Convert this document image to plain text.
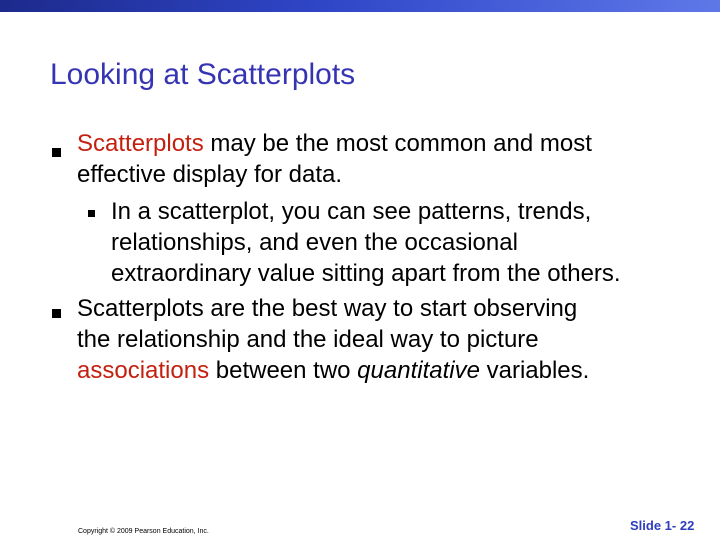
Looking at Scatterplots
Scatterplots may be the most common and most
effective display for data.
In a scatterplot, you can see patterns, trends,
relationships, and even the occasional
extraordinary value sitting apart from the others.
Scatterplots are the best way to start observing
the relationship and the ideal way to picture
associations between two quantitative variables.
Copyright © 2009 Pearson Education, Inc.	Slide 1- 22
